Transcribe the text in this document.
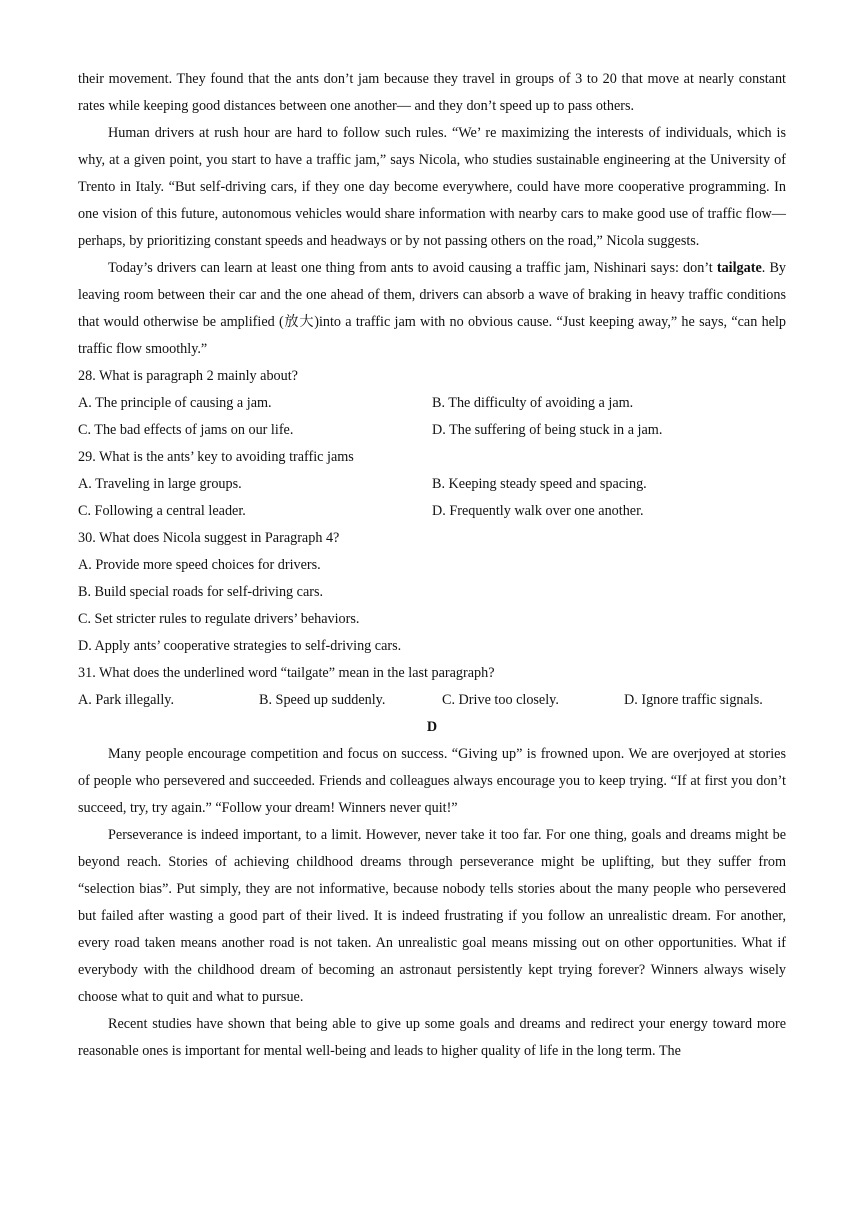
their movement. They found that the ants don’t jam because they travel in groups of 3 to 20 that move at nearly constant rates while keeping good distances between one another— and they don’t speed up to pass others.

Human drivers at rush hour are hard to follow such rules. “We’ re maximizing the interests of individuals, which is why, at a given point, you start to have a traffic jam,” says Nicola, who studies sustainable engineering at the University of Trento in Italy. “But self-driving cars, if they one day become everywhere, could have more cooperative programming. In one vision of this future, autonomous vehicles would share information with nearby cars to make good use of traffic flow— perhaps, by prioritizing constant speeds and headways or by not passing others on the road,” Nicola suggests.

Today’s drivers can learn at least one thing from ants to avoid causing a traffic jam, Nishinari says: don’t tailgate. By leaving room between their car and the one ahead of them, drivers can absorb a wave of braking in heavy traffic conditions that would otherwise be amplified (放大)into a traffic jam with no obvious cause. “Just keeping away,” he says, “can help traffic flow smoothly.”

28. What is paragraph 2 mainly about?

A. The principle of causing a jam.	B. The difficulty of avoiding a jam.
C. The bad effects of jams on our life.	D. The suffering of being stuck in a jam.

29. What is the ants’ key to avoiding traffic jams

A. Traveling in large groups.	B. Keeping steady speed and spacing.
C. Following a central leader.	D. Frequently walk over one another.

30. What does Nicola suggest in Paragraph 4?

A. Provide more speed choices for drivers.

B. Build special roads for self-driving cars.

C. Set stricter rules to regulate drivers’ behaviors.

D. Apply ants’ cooperative strategies to self-driving cars.

31. What does the underlined word “tailgate” mean in the last paragraph?

A. Park illegally.	B. Speed up suddenly.	C. Drive too closely.	D. Ignore traffic signals.

D

Many people encourage competition and focus on success. “Giving up” is frowned upon. We are overjoyed at stories of people who persevered and succeeded. Friends and colleagues always encourage you to keep trying. “If at first you don’t succeed, try, try again.” “Follow your dream! Winners never quit!”

Perseverance is indeed important, to a limit. However, never take it too far. For one thing, goals and dreams might be beyond reach. Stories of achieving childhood dreams through perseverance might be uplifting, but they suffer from “selection bias”. Put simply, they are not informative, because nobody tells stories about the many people who persevered but failed after wasting a good part of their lived. It is indeed frustrating if you follow an unrealistic dream. For another, every road taken means another road is not taken. An unrealistic goal means missing out on other opportunities. What if everybody with the childhood dream of becoming an astronaut persistently kept trying forever? Winners always wisely choose what to quit and what to pursue.

Recent studies have shown that being able to give up some goals and dreams and redirect your energy toward more reasonable ones is important for mental well-being and leads to higher quality of life in the long term. The
